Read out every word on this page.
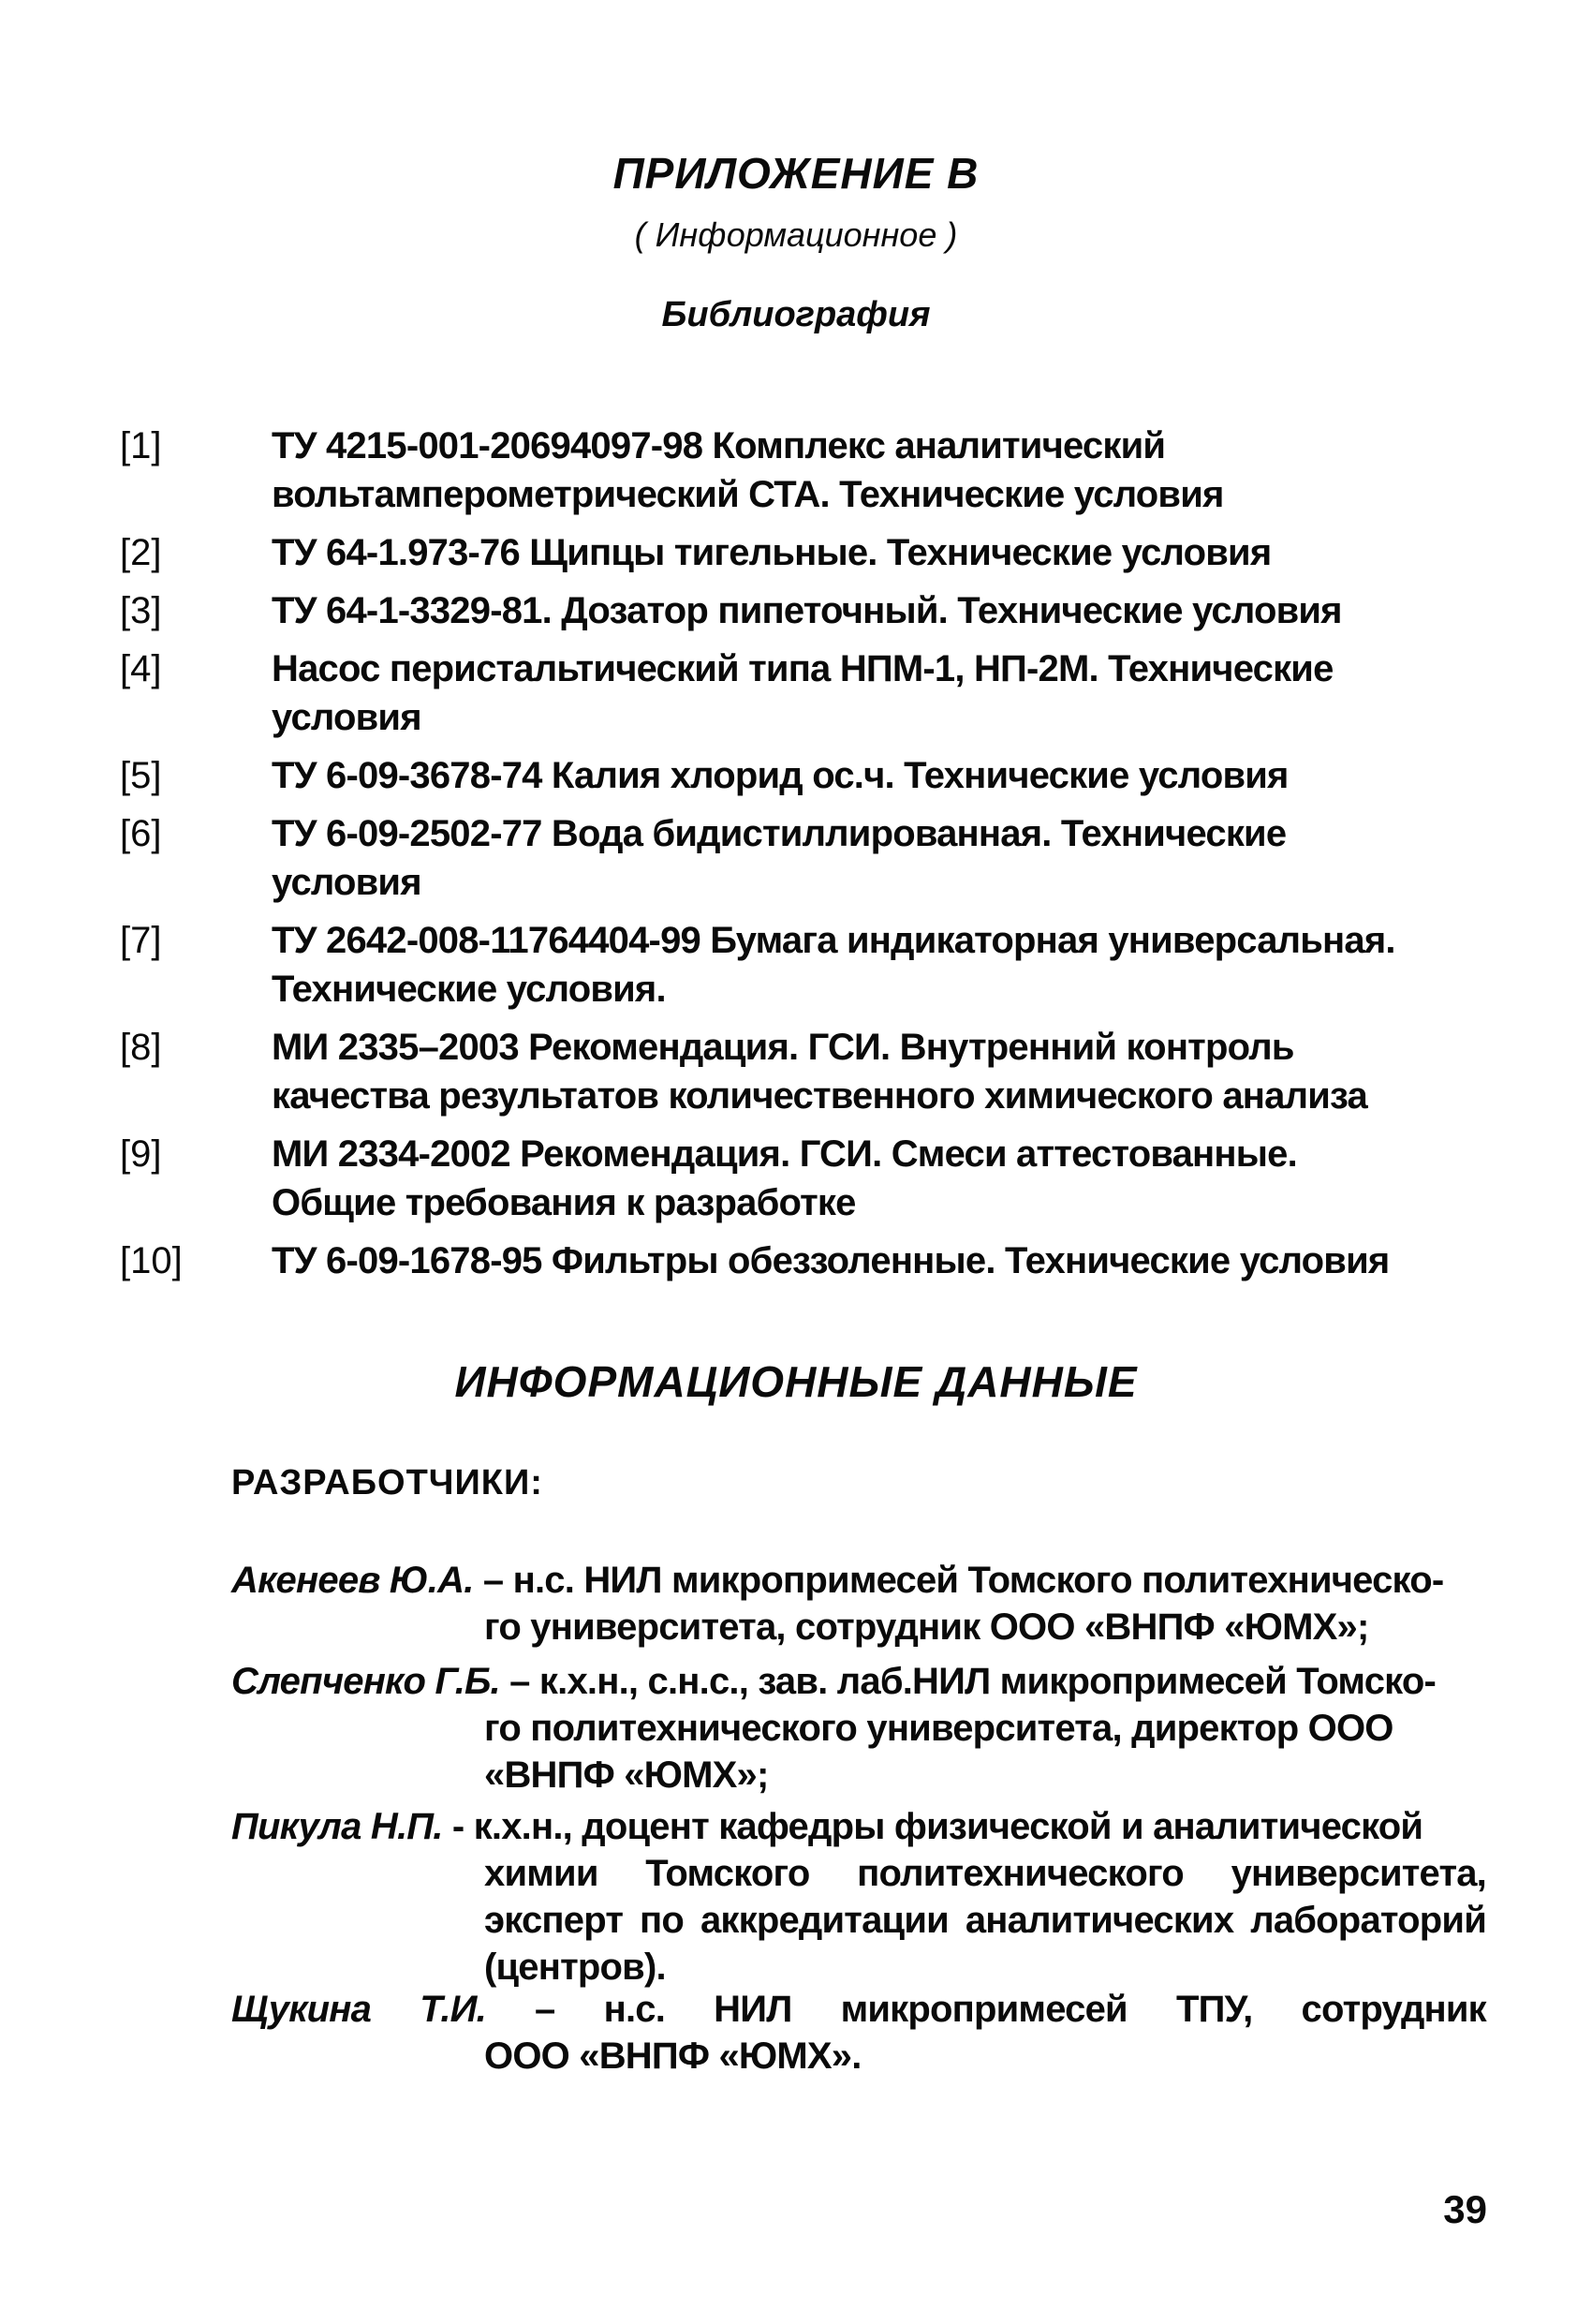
ПРИЛОЖЕНИЕ В
( Информационное )
Библиография
[1]	ТУ 4215-001-20694097-98 Комплекс аналитический вольтамперометрический СТА. Технические условия
[2]	ТУ 64-1.973-76 Щипцы тигельные. Технические условия
[3]	ТУ 64-1-3329-81. Дозатор пипеточный. Технические условия
[4]	Насос перистальтический типа НПМ-1, НП-2М. Технические условия
[5]	ТУ 6-09-3678-74 Калия хлорид ос.ч. Технические условия
[6]	ТУ 6-09-2502-77 Вода бидистиллированная. Технические условия
[7]	ТУ 2642-008-11764404-99 Бумага индикаторная универсальная. Технические условия.
[8]	МИ 2335–2003 Рекомендация. ГСИ. Внутренний контроль качества результатов количественного химического анализа
[9]	МИ 2334-2002 Рекомендация. ГСИ. Смеси аттестованные. Общие требования к разработке
[10]	ТУ 6-09-1678-95 Фильтры обеззоленные. Технические условия
ИНФОРМАЦИОННЫЕ ДАННЫЕ
РАЗРАБОТЧИКИ:
Акенеев Ю.А. – н.с. НИЛ микропримесей Томского политехническо-
го университета, сотрудник ООО «ВНПФ «ЮМХ»;
Слепченко Г.Б. – к.х.н., с.н.с., зав. лаб.НИЛ микропримесей Томско-
го политехнического университета, директор ООО «ВНПФ «ЮМХ»;
Пикула Н.П. - к.х.н., доцент кафедры физической и аналитической
химии Томского политехнического университета, эксперт по аккредитации аналитических лабораторий (центров).
Щукина Т.И. – н.с. НИЛ микропримесей ТПУ, сотрудник
ООО «ВНПФ «ЮМХ».
39
